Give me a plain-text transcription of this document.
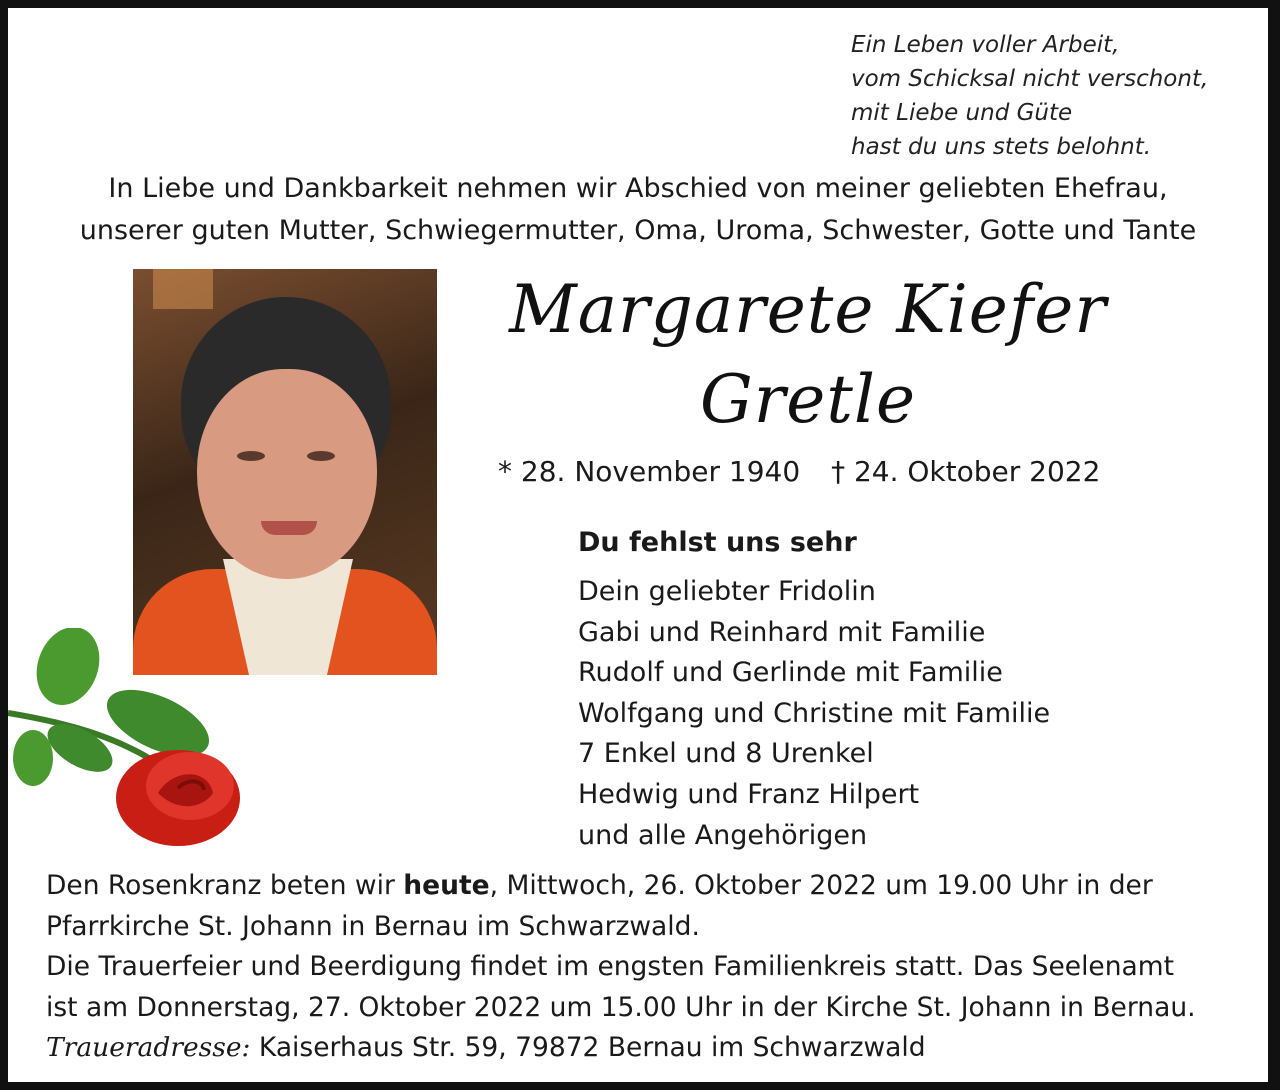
Ein Leben voller Arbeit,
vom Schicksal nicht verschont,
mit Liebe und Güte
hast du uns stets belohnt.
In Liebe und Dankbarkeit nehmen wir Abschied von meiner geliebten Ehefrau,
unserer guten Mutter, Schwiegermutter, Oma, Uroma, Schwester, Gotte und Tante
Margarete Kiefer
Gretle
* 28. November 1940 † 24. Oktober 2022
Du fehlst uns sehr
Dein geliebter Fridolin
Gabi und Reinhard mit Familie
Rudolf und Gerlinde mit Familie
Wolfgang und Christine mit Familie
7 Enkel und 8 Urenkel
Hedwig und Franz Hilpert
und alle Angehörigen

Den Rosenkranz beten wir heute, Mittwoch, 26. Oktober 2022 um 19.00 Uhr in der

Pfarrkirche St. Johann in Bernau im Schwarzwald.

Die Trauerfeier und Beerdigung findet im engsten Familienkreis statt. Das Seelenamt

ist am Donnerstag, 27. Oktober 2022 um 15.00 Uhr in der Kirche St. Johann in Bernau.

Traueradresse: Kaiserhaus Str. 59, 79872 Bernau im Schwarzwald
